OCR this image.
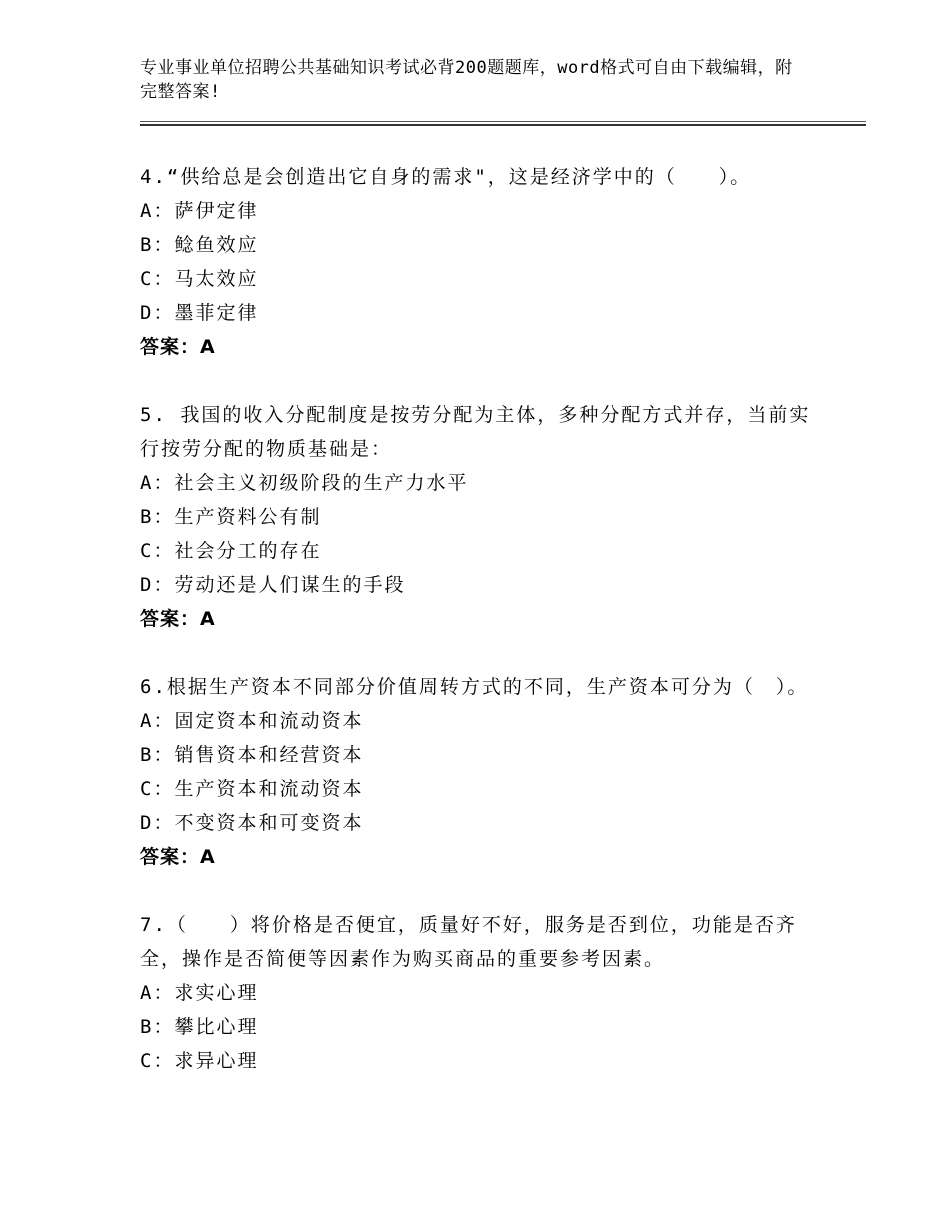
专业事业单位招聘公共基础知识考试必背200题题库，word格式可自由下载编辑，附完整答案!

4.“供给总是会创造出它自身的需求"，这是经济学中的（　　）。

A：萨伊定律

B：鲶鱼效应

C：马太效应

D：墨菲定律

答案：A

5. 我国的收入分配制度是按劳分配为主体，多种分配方式并存，当前实行按劳分配的物质基础是：

A：社会主义初级阶段的生产力水平

B：生产资料公有制

C：社会分工的存在

D：劳动还是人们谋生的手段

答案：A

6.根据生产资本不同部分价值周转方式的不同，生产资本可分为（　）。

A：固定资本和流动资本

B：销售资本和经营资本

C：生产资本和流动资本

D：不变资本和可变资本

答案：A

7.（　　）将价格是否便宜，质量好不好，服务是否到位，功能是否齐全，操作是否简便等因素作为购买商品的重要参考因素。

A：求实心理

B：攀比心理

C：求异心理
